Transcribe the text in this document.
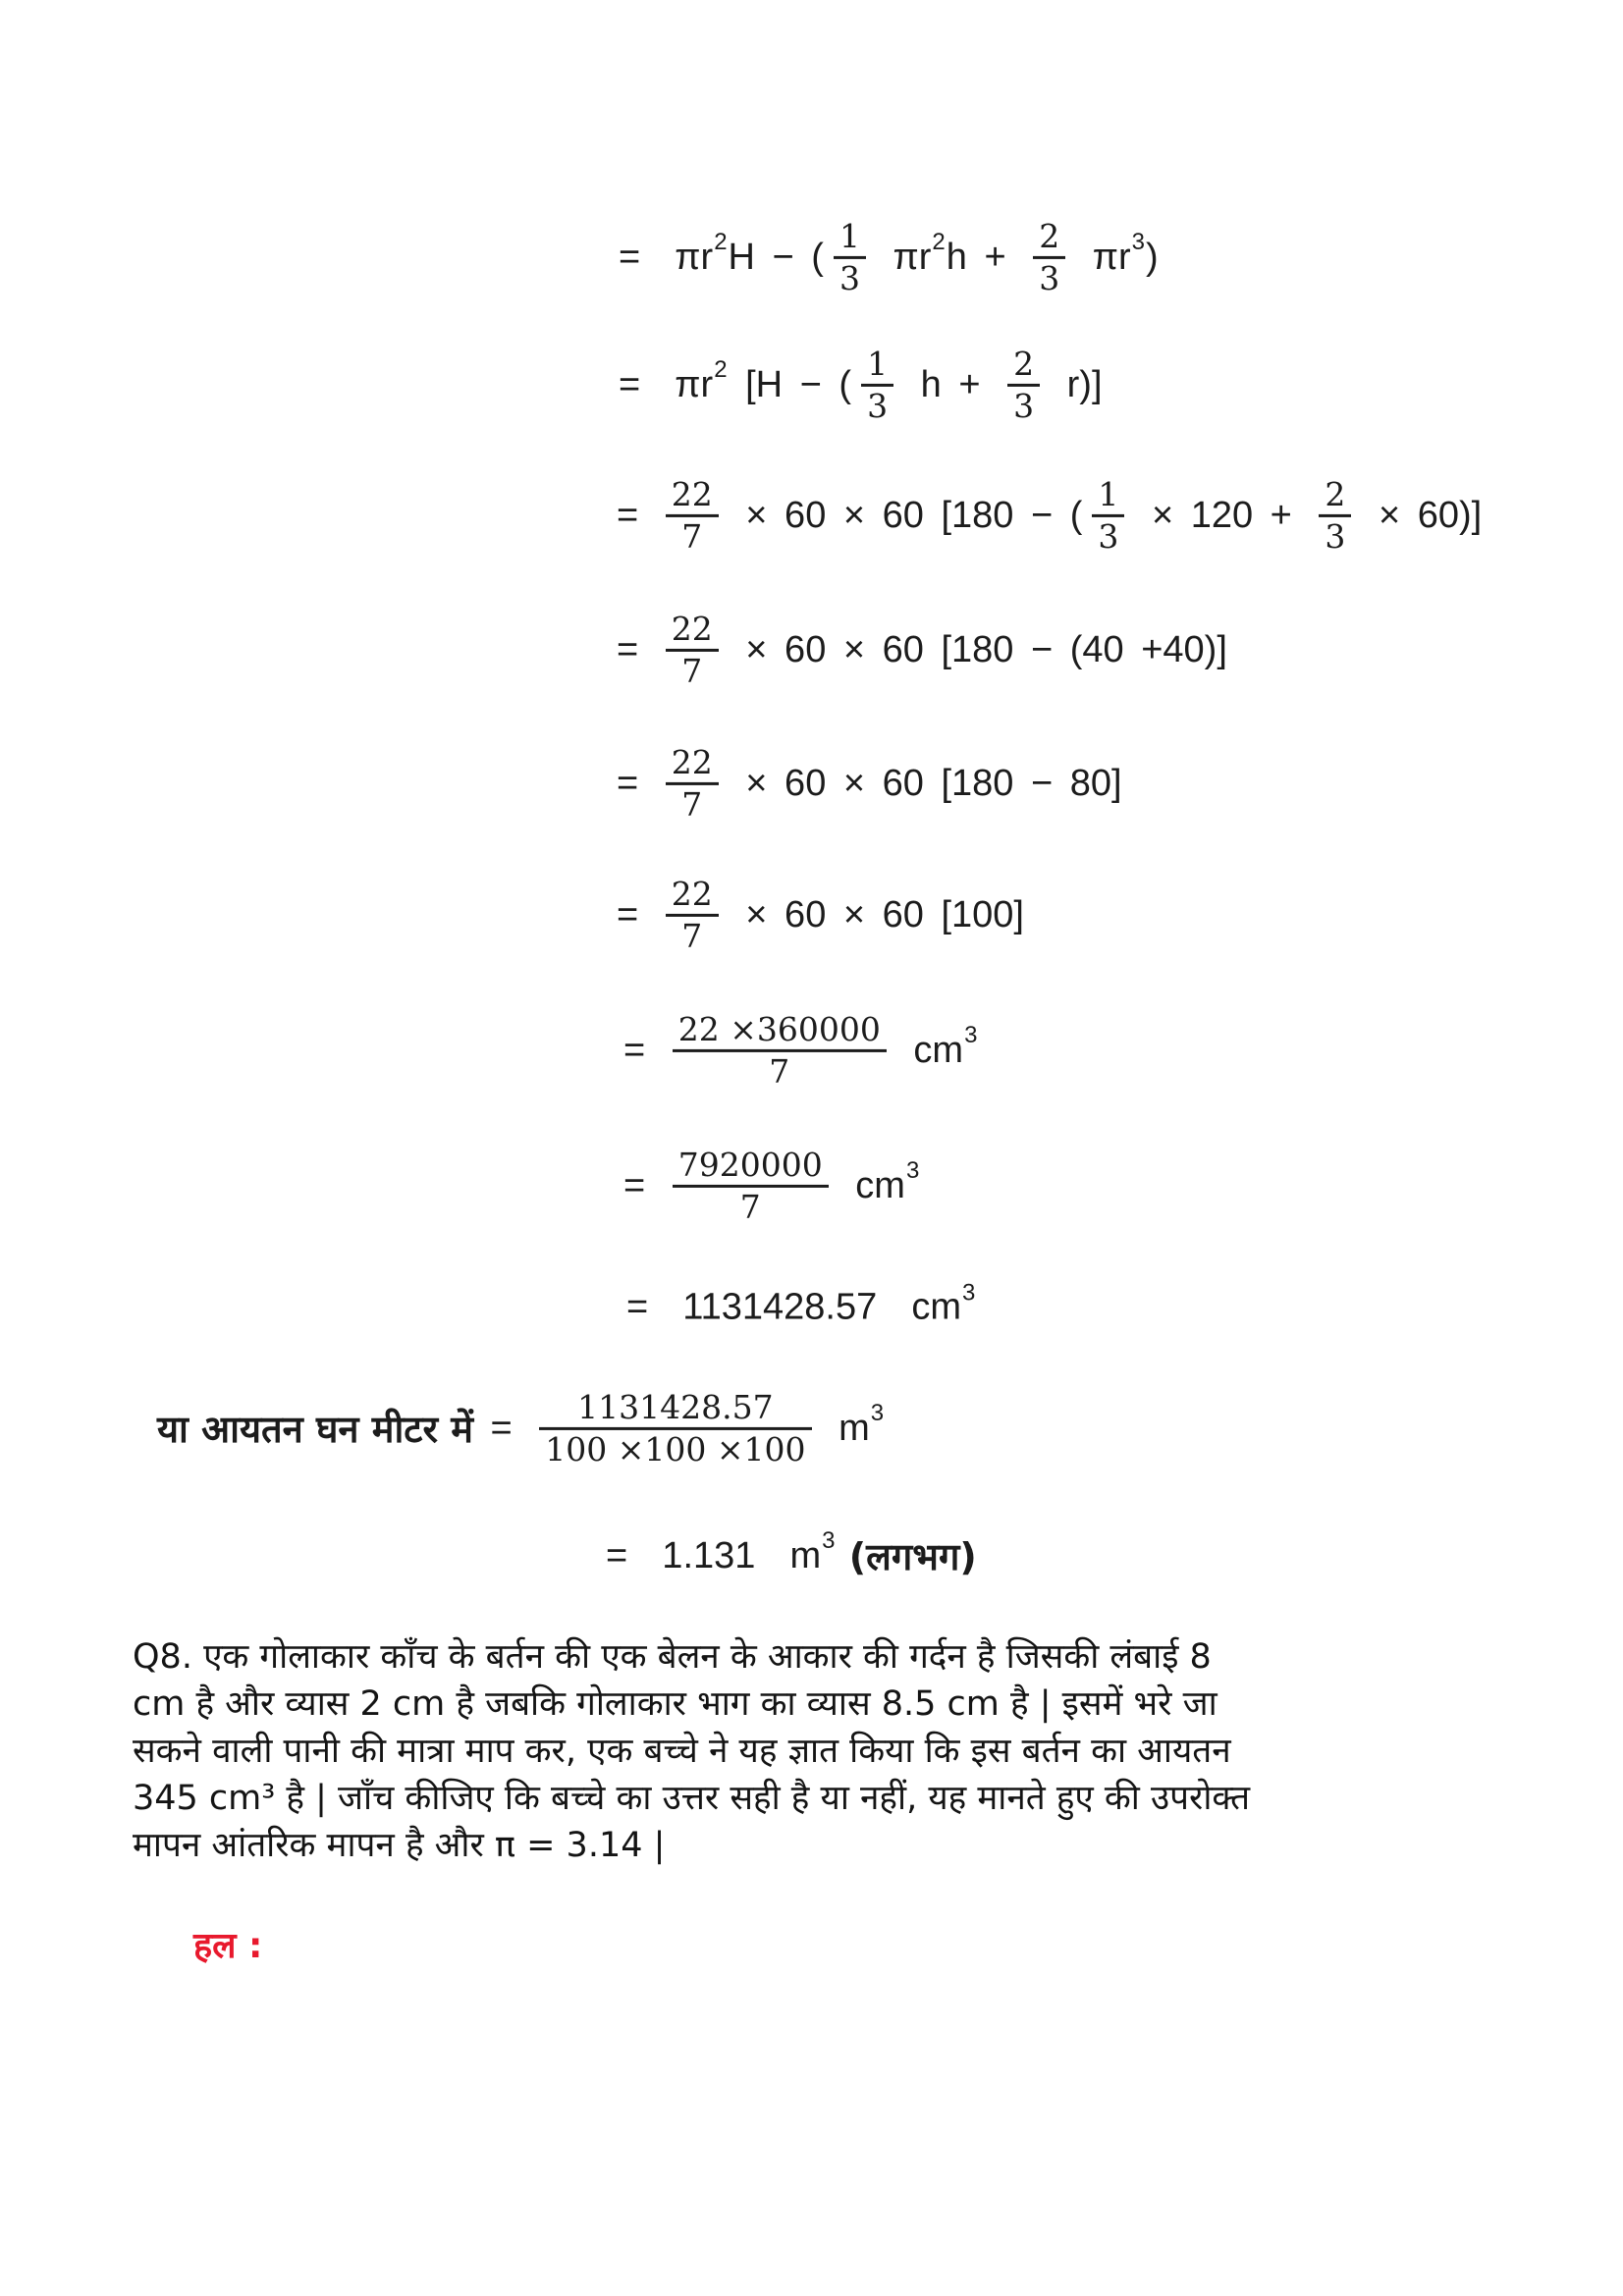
=  πr 2 H − ( $\frac{1}{3}$ πr 2 $h + \frac{2}{3}$ πr 3 )
=  πr 2 [H − ( $\frac{1}{3}$ $h + \frac{2}{3} r$)]
= $\frac{22}{7} \times 60 \times 60$ [180 − ( $\frac{1}{3} \times 120 + \frac{2}{3} \times 60$)]
= $\frac{22}{7} \times 60 \times 60$ [180 − (40 +40)]
= $\frac{22}{7} \times 60 \times 60$ [180 − 80]
= $\frac{22}{7} \times 60 \times 60$ [100]
= $\frac{22 \times 360000}{7}$ cm 3
= $\frac{7920000}{7}$ cm 3
=  1131428.57  cm 3
या आयतन घन मीटर में = $\frac{1131428.57}{100 \times 100 \times 100}$ m 3
=  1.131  m 3 (लगभग)
Q8. एक गोलाकार काँच के बर्तन की एक बेलन के आकार की गर्दन है जिसकी लंबाई 8
cm है और व्यास 2 cm है जबकि गोलाकार भाग का व्यास 8.5 cm है | इसमें भरे जा
सकने वाली पानी की मात्रा माप कर, एक बच्चे ने यह ज्ञात किया कि इस बर्तन का आयतन
345 cm³ है | जाँच कीजिए कि बच्चे का उत्तर सही है या नहीं, यह मानते हुए की उपरोक्त
मापन आंतरिक मापन है और π = 3.14 |
हल :
